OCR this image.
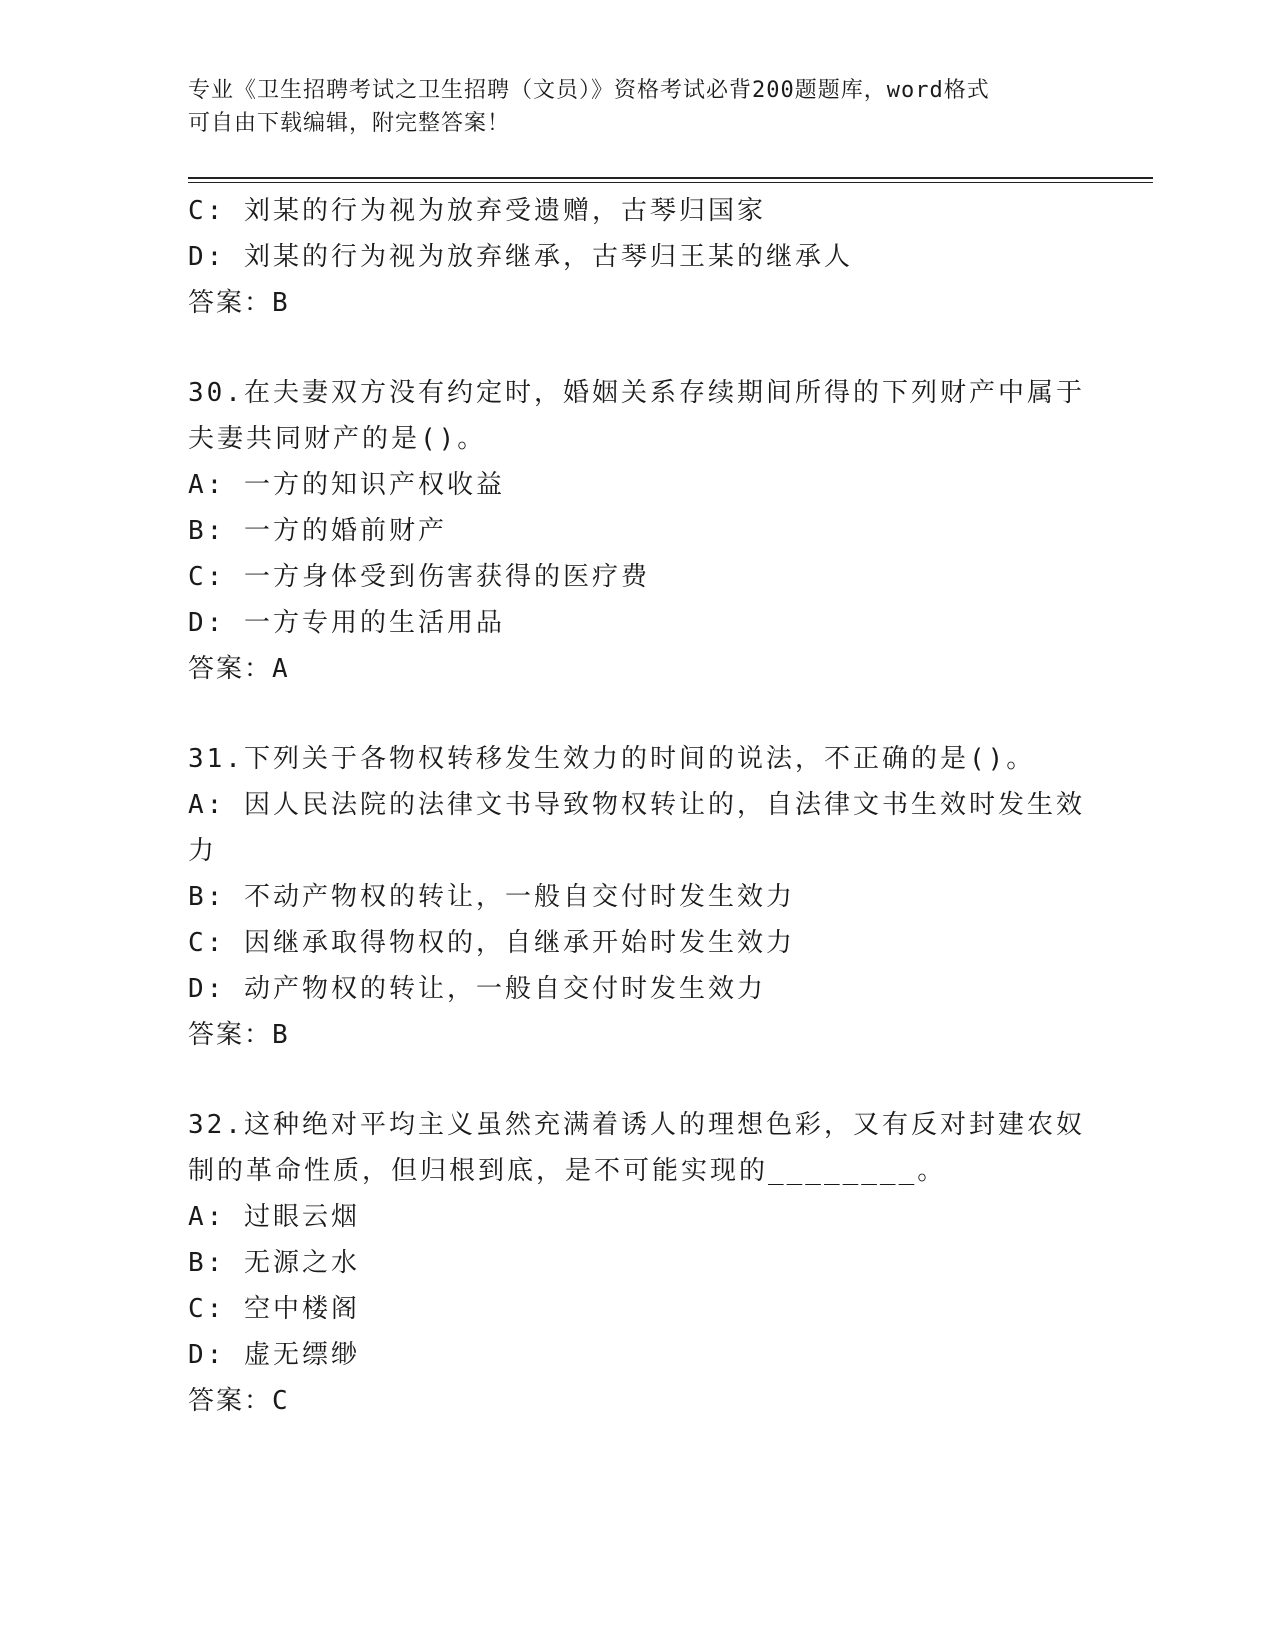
专业《卫生招聘考试之卫生招聘（文员）》资格考试必背200题题库，word格式
可自由下载编辑，附完整答案！
C: 刘某的行为视为放弃受遗赠，古琴归国家
D: 刘某的行为视为放弃继承，古琴归王某的继承人
答案：B
30.在夫妻双方没有约定时，婚姻关系存续期间所得的下列财产中属于
夫妻共同财产的是()。
A: 一方的知识产权收益
B: 一方的婚前财产
C: 一方身体受到伤害获得的医疗费
D: 一方专用的生活用品
答案：A
31.下列关于各物权转移发生效力的时间的说法，不正确的是()。
A: 因人民法院的法律文书导致物权转让的，自法律文书生效时发生效
力
B: 不动产物权的转让，一般自交付时发生效力
C: 因继承取得物权的，自继承开始时发生效力
D: 动产物权的转让，一般自交付时发生效力
答案：B
32.这种绝对平均主义虽然充满着诱人的理想色彩，又有反对封建农奴
制的革命性质，但归根到底，是不可能实现的________。
A: 过眼云烟
B: 无源之水
C: 空中楼阁
D: 虚无缥缈
答案：C
